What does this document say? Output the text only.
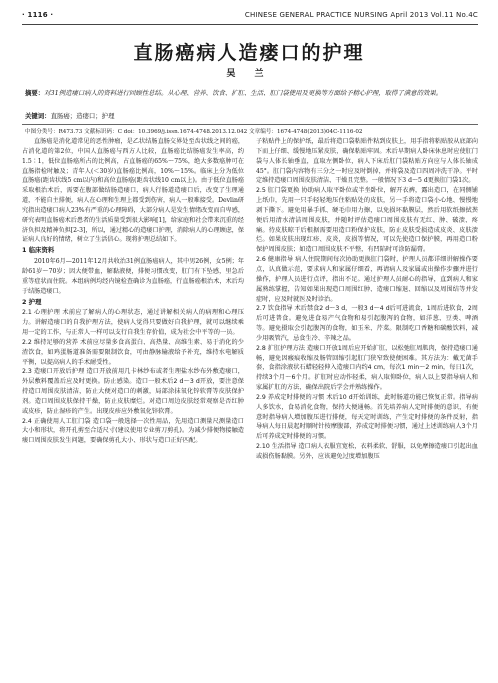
· 1116 ·	CHINESE GENERAL PRACTICE NURSING April 2013 Vol.11 No.4C
直肠癌病人造瘘口的护理
吴 兰
摘要：对31例造瘘口病人的资料进行回顾性总结。从心理、营养、饮食、扩肛、生活、肛门袋使用及更换等方面给予精心护理，取得了满意的效果。
关键词：直肠癌；造瘘口；护理
中图分类号：R473.73 文献标识码：C doi：10.3969/j.issn.1674-4748.2013.12.042 文章编号：1674-4748(2013)04C-1116-02

直肠癌是消化道常见的恶性肿瘤，是乙状结肠直肠交界处至齿状线之间的癌，占消化道的第2位，中国人直肠癌与西方人比较，直肠癌比结肠癌发生率高，约1.5∶1，低位直肠癌所占的比例高，占直肠癌的65%～75%，绝大多数癌肿可在直肠指检时触及；青年人(＜30岁)直肠癌比例高，10%～15%。临床上分为低位直肠癌(距齿状线5 cm以内)和高位直肠癌(距齿状线10 cm以上)。由于低位直肠癌采取根治术后，需要在腹部做结肠造瘘口，病人行肠道造瘘口后，改变了生理通道，不能自主排便，病人在心理和生理上都受到伤害，病人一般难接受。Devlin研究指出造瘘口病人23%有严重的心理障碍，大部分病人是发生情绪改变而自卑感，研究表明直肠癌术后患者的生活质量受到很大影响[1]，给家庭和社会带来沉重的经济负担及精神负担[2-3]，所以，通过精心的造瘘口护理，消除病人的心理顾虑，保证病人良好的情绪，树立了生活信心。现将护理总结如下。

1 临床资料

2010年6月—2011年12月共收治31例直肠癌病人，其中男26例，女5例；年龄61岁～70岁；因大便带血，解黏液便，排便习惯改变，肛门有下坠感，里急后重等症状而住院。本组病例均经内镜检查确诊为直肠癌，行直肠癌根治术，术后均于结肠造瘘口。

2 护理

2.1 心理护理 术前应了解病人的心理状态，通过讲解相关病人的病理和心理压力。讲解造瘘口的自我护理方法，使病人觉得只要做好自我护理，就可以继续乘用一定的工作，与正常人一样可以支行自我生存价值，成为社会中平等的一员。

2.2 维持足够的营养 术前应尽量多食高蛋白、高热量、高维生素、易于消化的少渣饮食，如鸡蛋肠道准备需要限制饮食，可由静脉输液给予补充，维持水电解质平衡，以提高病人的手术耐受性。

2.3 造瘘口开放后护理 造口开放前用几卡林纱布或者生理盐水纱布外敷造瘘口，外层敷料覆盖后应及时更换。防止感染。造口一般术后2 d～3 d开放，要注意保持造口周围皮肤清洁，防止大便对造口的刺激，局部涂抹氧化锌软膏等皮肤保护剂。造口周围皮肤保持干燥，防止皮肤糜烂。对造口周边皮肤经常观察是否红肿或皮疹，防止湿疹的产生。出现皮疹应外敷氧化锌软膏。

2.4 正确使用人工肛门袋 造口袋一般选择一次性用品，先用造口测量尺测量造口大小和形状，将开孔剪至合适尺寸(建议使用专业剪刀剪孔)。为减少排便物接触造瘘口周围皮肤发生问题，要确保剪孔大小、形状与造口正好匹配。

子粘贴件上的保护纸，最后将造口袋粘贴件粘到皮肤上，用手指将粘贴胶从底部向下而上仔细、缓慢地压紧皮肤，确保粘贴牢固。术后早期病人卧床休息时应使肛门袋与人体长轴垂直，直取左侧卧位，病人下床后肛门袋粘贴方向应与人体长轴成45°。肛门袋内容物有三分之一时应及时倒掉，并将袋及造口四周冲洗干净。平时定维持造瘘口周围皮肤清洁、干燥且完整。一般情况下3 d～5 d更换肛门袋1次。

2.5 肛门袋更换 协助病人取平卧位或半坐卧位，解开衣裤，露出造口，在同侧铺上纸巾，先用一只手轻轻地压住粘贴处的皮肤，另一手将造口袋小心地、慢慢地剥下撕下。避免用暴手抓、硬毛巾用力擦，以免损坏黏膜层，然后用软纸擦拭粪便后用清水清洁周围皮肤，并随时评估造瘘口周围皮肤有无红、肿、破溃、疼痛。待皮肤晾干后根据需要用造口粉保护皮肤，防止皮肤受损造成皮炎、皮肤溃烂。如果皮肤出现红疹、皮炎，皮损等情况，可以先使造口保护膜，再用造口粉保护周围皮肤；如造口周围皮肤不平整，有凹陷时可涂防漏膏。

2.6 健康指导 病人住院期间每次协助更换肛门袋时，护理人员都详细讲解操作要点，认真做示范，要求病人和家属仔细看，再请病人及家属或出操作步骤并进行操作，护理人员进行点评，指出不足。通过护理人员耐心的指导，直到病人和家属熟练掌握，告知如果出现造口周围红肿、造瘘口缩退、回缩以及周围结等并发症时，应及时就医及时诊治。

2.7 饮食指导 术后禁食2 d～3 d，一般3 d～4 d后可进流食，1周后进软食，2周后可进普食。避免进食易产气食物和易引起腹泻的食物，如洋葱、豆类、啤酒等。避免摄取会引起腹泻的食物，如玉米、芹菜。限制吃口香糖和碳酸饮料，减少用吸管汽，忌食生冷、辛辣之品。

2.8 扩肛护理方法 造瘘口开放1周后应开始扩肛，以松弛肛周肌肉，保持造瘘口通畅，避免因瘢痕收缩及肠管回缩引起肛门狭窄致使便困难。其方法为：戴无菌手套，食指涂液状石蜡轻轻伸入造瘘口内约4 cm，每次1 min～2 min，每日1次，持续3个月～6个月。扩肛时应动作轻柔，病人取仰卧位，病人以上要指导病人和家属扩肛的方法，确保出院后学会并熟练操作。

2.9 养成定时排便的习惯 术后10 d开始训练，此时肠道功能已恢复正常。指导病人多饮水，食易消化食物，保持大便通畅。首先培养病人定时排便的意识，有便意时指导病人增加腹压进行排便，每天定时训练，产生定时排便的条件反射，指导病人每日晨起时顺时针按摩腹部，养成定时排便习惯，通过上述训练病人3个月后可养成定时排便的习惯。

2.10 生活指导 造口病人衣服宜宽松，衣料柔软、舒服，以免摩擦造瘘口引起出血或损伤肠黏膜。另外，应该避免过度增加腹压
